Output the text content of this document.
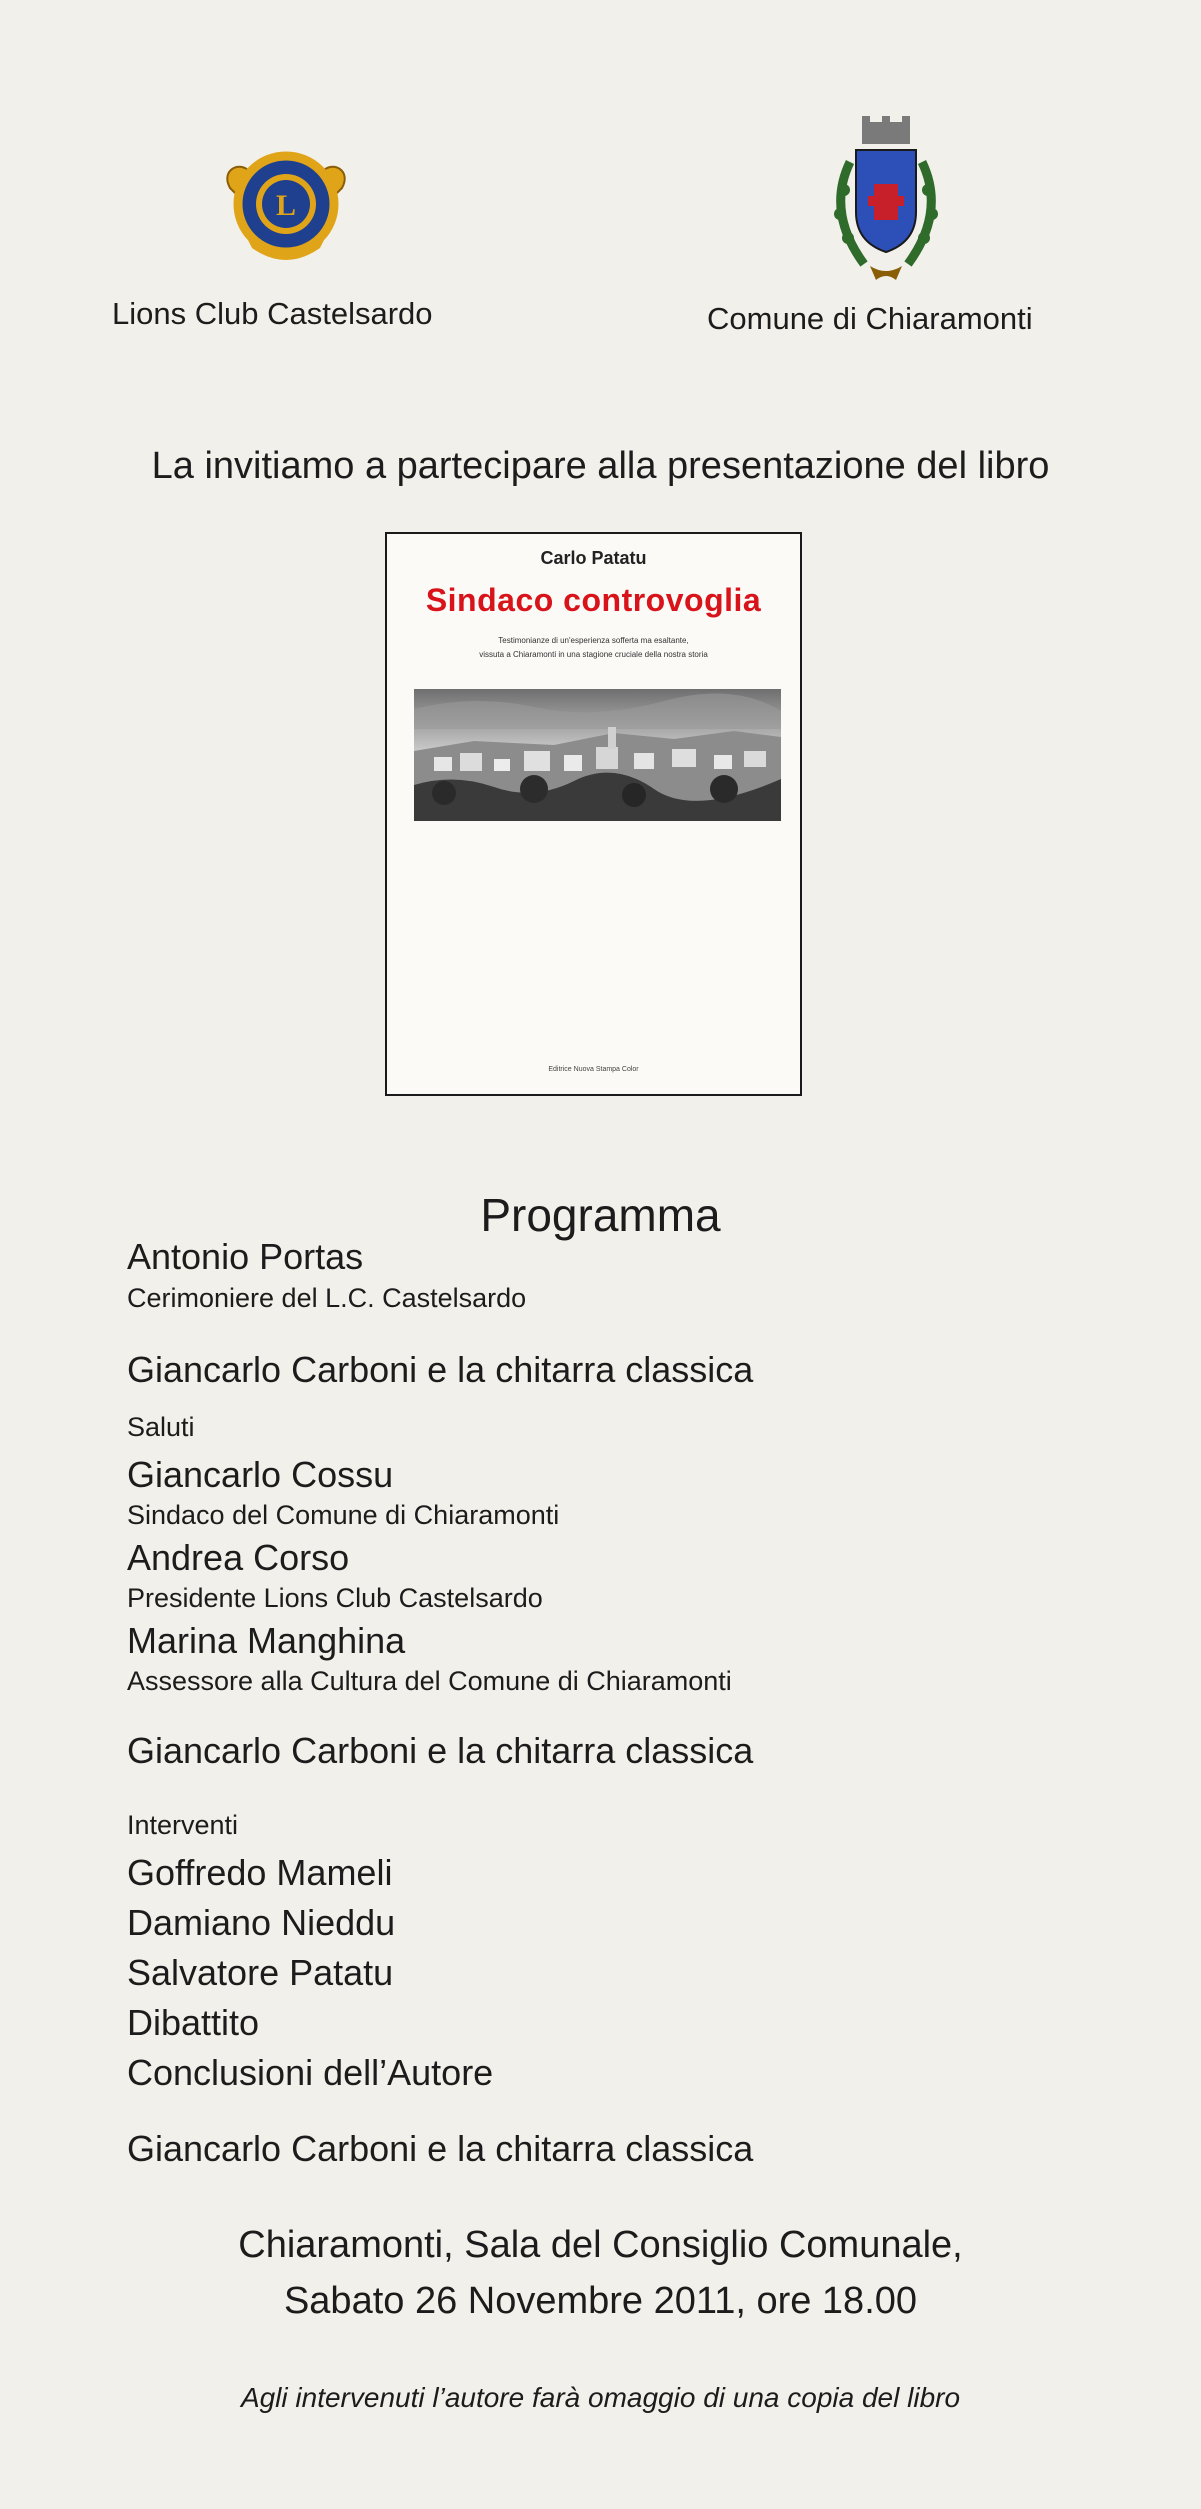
L
Lions Club Castelsardo	Comune di Chiaramonti
La invitiamo a partecipare alla presentazione del libro
Carlo Patatu
Sindaco controvoglia
Testimonianze di un'esperienza sofferta ma esaltante,
vissuta a Chiaramonti in una stagione cruciale della nostra storia
Editrice Nuova Stampa Color
Programma
Antonio Portas
Cerimoniere del L.C. Castelsardo
Giancarlo Carboni e la chitarra classica
Saluti
Giancarlo Cossu
Sindaco del Comune di Chiaramonti
Andrea Corso
Presidente Lions Club Castelsardo
Marina Manghina
Assessore alla Cultura del Comune di Chiaramonti
Giancarlo Carboni e la chitarra classica
Interventi
Goffredo Mameli
Damiano Nieddu
Salvatore Patatu
Dibattito
Conclusioni dell’Autore
Giancarlo Carboni e la chitarra classica
Chiaramonti, Sala del Consiglio Comunale,
Sabato 26 Novembre 2011, ore 18.00
Agli intervenuti l’autore farà omaggio di una copia del libro
